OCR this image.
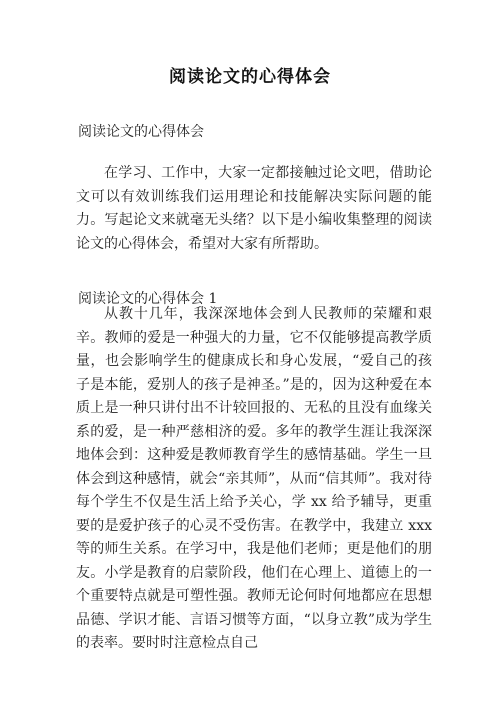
阅读论文的心得体会
阅读论文的心得体会
在学习、工作中，大家一定都接触过论文吧，借助论文可以有效训练我们运用理论和技能解决实际问题的能力。写起论文来就毫无头绪？以下是小编收集整理的阅读论文的心得体会，希望对大家有所帮助。
阅读论文的心得体会 1
从教十几年，我深深地体会到人民教师的荣耀和艰辛。教师的爱是一种强大的力量，它不仅能够提高教学质量，也会影响学生的健康成长和身心发展，“爱自己的孩子是本能，爱别人的孩子是神圣。”是的，因为这种爱在本质上是一种只讲付出不计较回报的、无私的且没有血缘关系的爱，是一种严慈相济的爱。多年的教学生涯让我深深地体会到：这种爱是教师教育学生的感情基础。学生一旦体会到这种感情，就会“亲其师”，从而“信其师”。我对待每个学生不仅是生活上给予关心，学 xx 给予辅导，更重要的是爱护孩子的心灵不受伤害。在教学中，我建立 xxx 等的师生关系。在学习中，我是他们老师；更是他们的朋友。小学是教育的启蒙阶段，他们在心理上、道德上的一个重要特点就是可塑性强。教师无论何时何地都应在思想品德、学识才能、言语习惯等方面，“以身立教”成为学生的表率。要时时注意检点自己
